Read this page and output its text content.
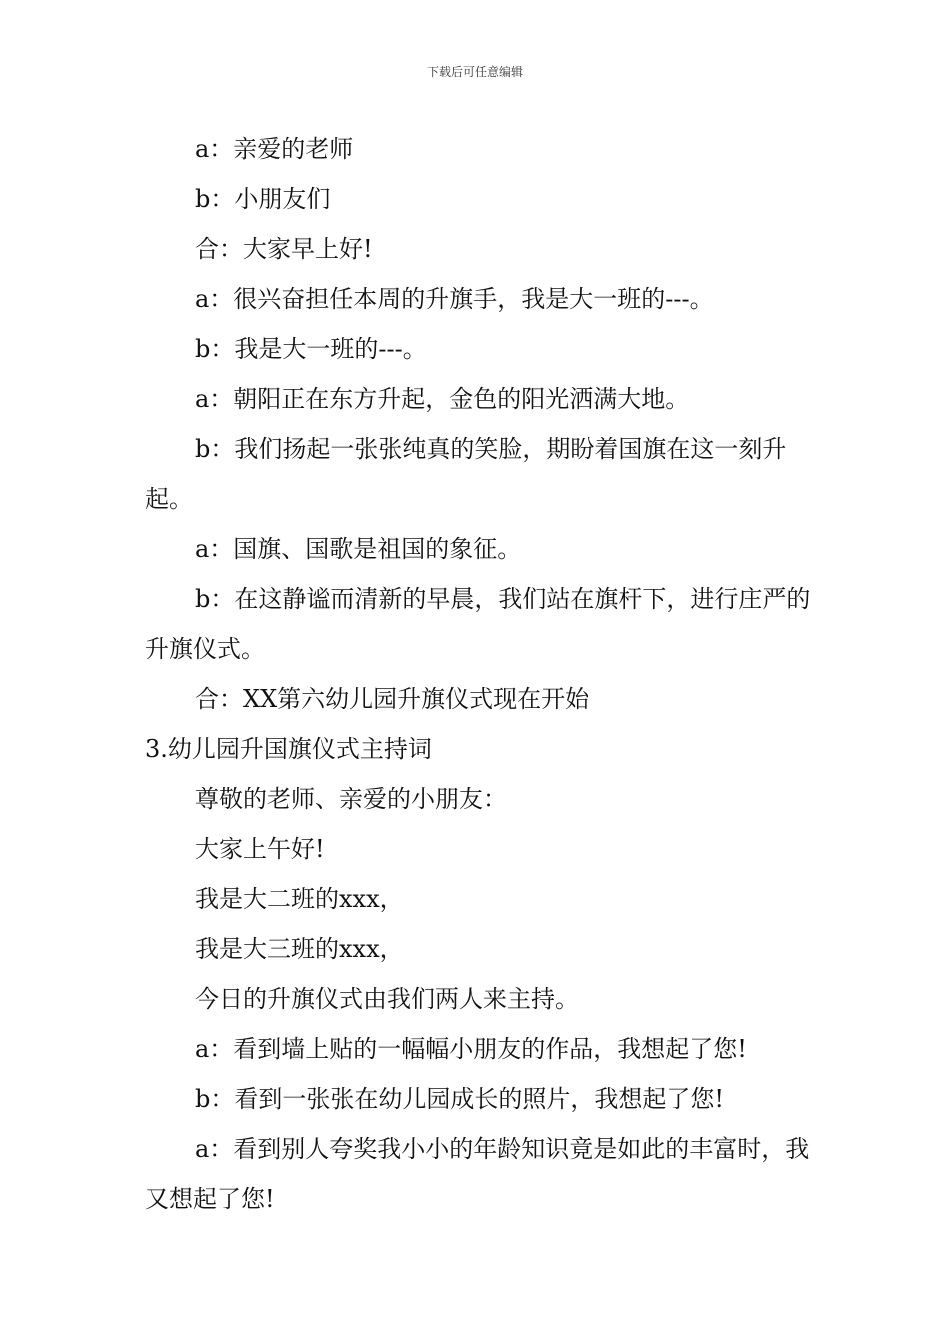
下载后可任意编辑

a：亲爱的老师

b：小朋友们

合：大家早上好!

a：很兴奋担任本周的升旗手，我是大一班的---。

b：我是大一班的---。

a：朝阳正在东方升起，金色的阳光洒满大地。

b：我们扬起一张张纯真的笑脸，期盼着国旗在这一刻升起。

a：国旗、国歌是祖国的象征。

b：在这静谧而清新的早晨，我们站在旗杆下，进行庄严的升旗仪式。

合：XX第六幼儿园升旗仪式现在开始

3.幼儿园升国旗仪式主持词

尊敬的老师、亲爱的小朋友：

大家上午好!

我是大二班的xxx，

我是大三班的xxx，

今日的升旗仪式由我们两人来主持。

a：看到墙上贴的一幅幅小朋友的作品，我想起了您!

b：看到一张张在幼儿园成长的照片，我想起了您!

a：看到别人夸奖我小小的年龄知识竟是如此的丰富时，我又想起了您!
